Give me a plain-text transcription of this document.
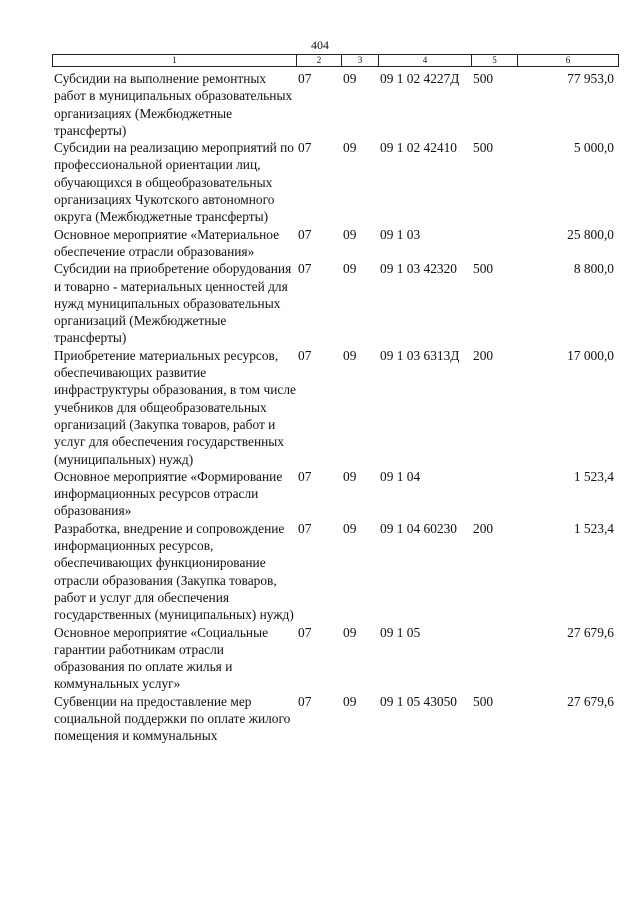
404
1	2	3	4	5	6
Субсидии на выполнение ремонтных работ в муниципальных образовательных организациях (Межбюджетные трансферты)	07	09	09 1 02 4227Д	500	77 953,0
Субсидии на реализацию мероприятий по профессиональной ориентации лиц, обучающихся в общеобразовательных организациях Чукотского автономного округа (Межбюджетные трансферты)	07	09	09 1 02 42410	500	5 000,0
Основное мероприятие «Материальное обеспечение отрасли образования»	07	09	09 1 03		25 800,0
Субсидии на приобретение оборудования и товарно - материальных ценностей для нужд муниципальных образовательных организаций (Межбюджетные трансферты)	07	09	09 1 03 42320	500	8 800,0
Приобретение материальных ресурсов, обеспечивающих развитие инфраструктуры образования, в том числе учебников для общеобразовательных организаций (Закупка товаров, работ и услуг для обеспечения государственных (муниципальных) нужд)	07	09	09 1 03 6313Д	200	17 000,0
Основное мероприятие «Формирование информационных ресурсов отрасли образования»	07	09	09 1 04		1 523,4
Разработка, внедрение и сопровождение информационных ресурсов, обеспечивающих функционирование отрасли образования (Закупка товаров, работ и услуг для обеспечения государственных (муниципальных) нужд)	07	09	09 1 04 60230	200	1 523,4
Основное мероприятие «Социальные гарантии работникам отрасли образования по оплате жилья и коммунальных услуг»	07	09	09 1 05		27 679,6
Субвенции на предоставление мер социальной поддержки по оплате жилого помещения и коммунальных	07	09	09 1 05 43050	500	27 679,6
